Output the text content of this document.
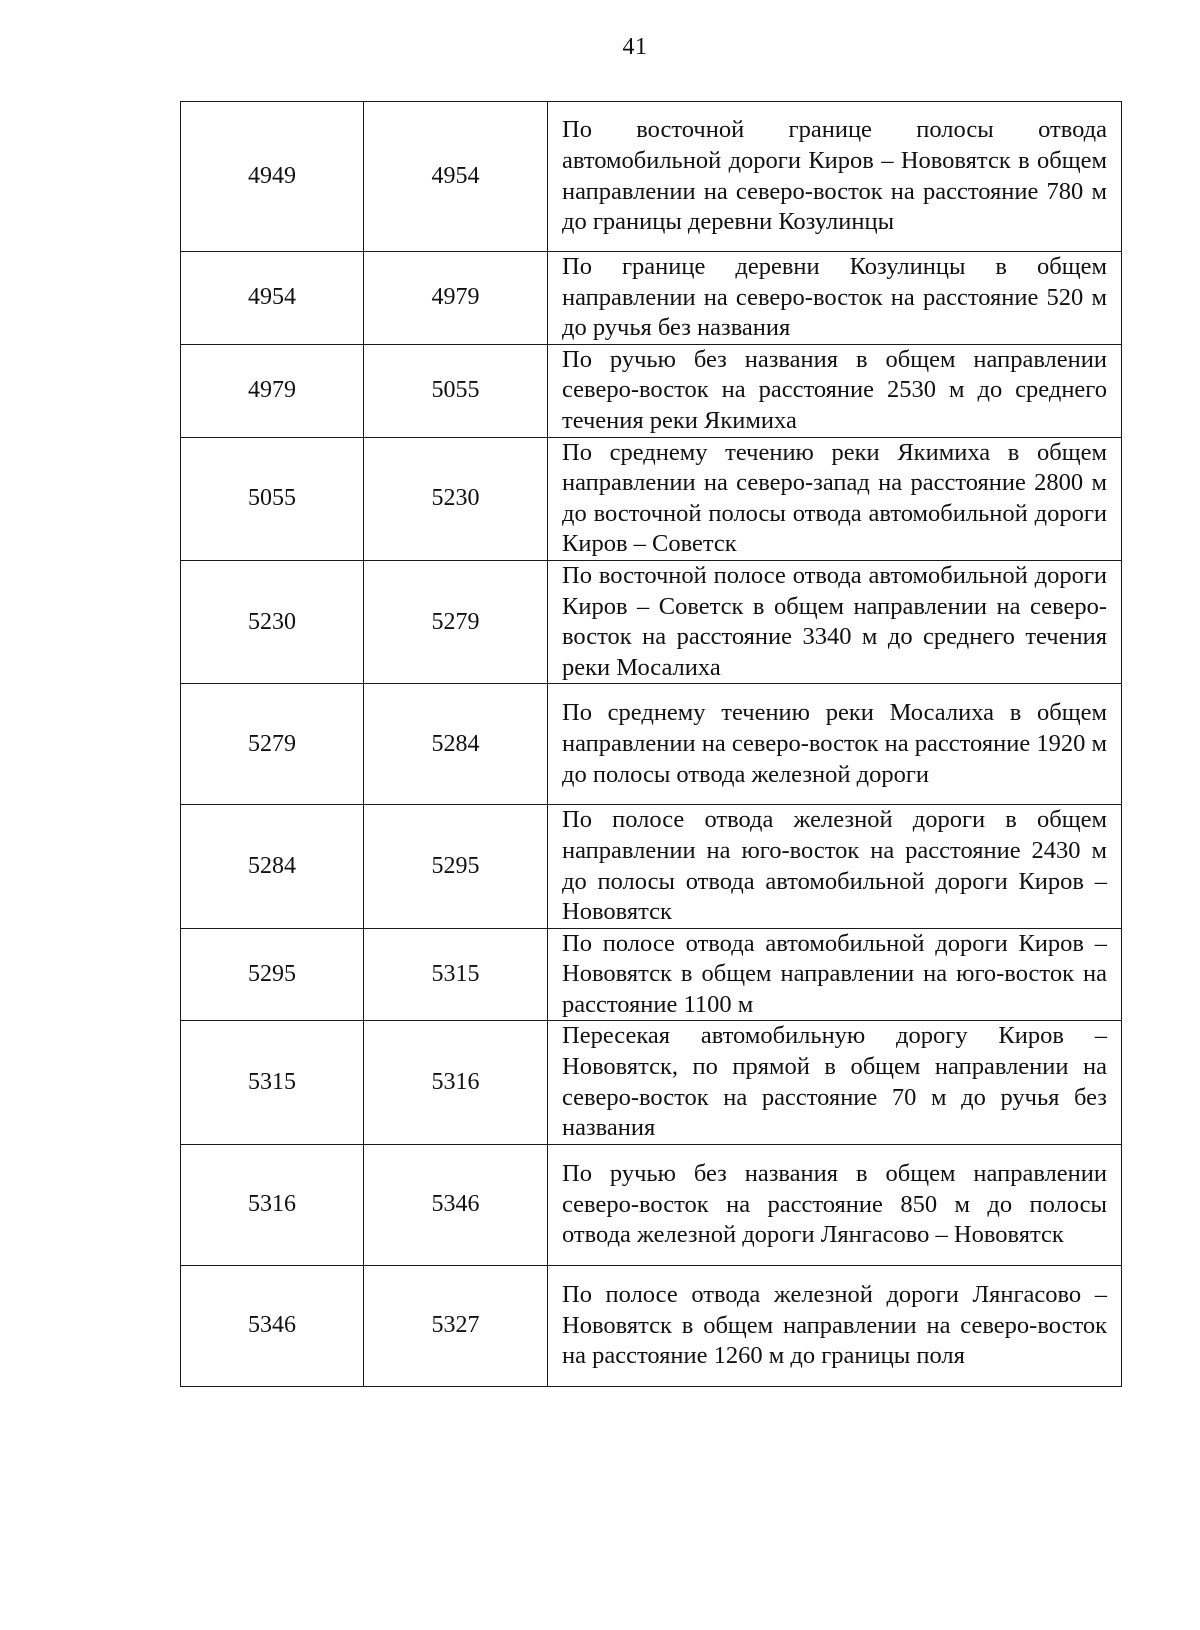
41
4949	4954	По восточной границе полосы отвода автомобильной дороги Киров – Нововятск в общем направлении на северо-восток на расстояние 780 м до границы деревни Козулинцы

4954	4979	По границе деревни Козулинцы в общем направлении на северо-восток на расстояние 520 м до ручья без названия

4979	5055	По ручью без названия в общем направлении северо-восток на расстояние 2530 м до среднего течения реки Якимиха

5055	5230	По среднему течению реки Якимиха в общем направлении на северо-запад на расстояние 2800 м до восточной полосы отвода автомобильной дороги Киров – Советск

5230	5279	По восточной полосе отвода автомобильной дороги Киров – Советск в общем направлении на северо-восток на расстояние 3340 м до среднего течения реки Мосалиха

5279	5284	По среднему течению реки Мосалиха в общем направлении на северо-восток на расстояние 1920 м до полосы отвода железной дороги

5284	5295	По полосе отвода железной дороги в общем направлении на юго-восток на расстояние 2430 м до полосы отвода автомобильной дороги Киров – Нововятск

5295	5315	По полосе отвода автомобильной дороги Киров – Нововятск в общем направлении на юго-восток на расстояние 1100 м

5315	5316	Пересекая автомобильную дорогу Киров – Нововятск, по прямой в общем направлении на северо-восток на расстояние 70 м до ручья без названия

5316	5346	По ручью без названия в общем направлении северо-восток на расстояние 850 м до полосы отвода железной дороги Лянгасово – Нововятск

5346	5327	По полосе отвода железной дороги Лянгасово – Нововятск в общем направлении на северо-восток на расстояние 1260 м до границы поля
